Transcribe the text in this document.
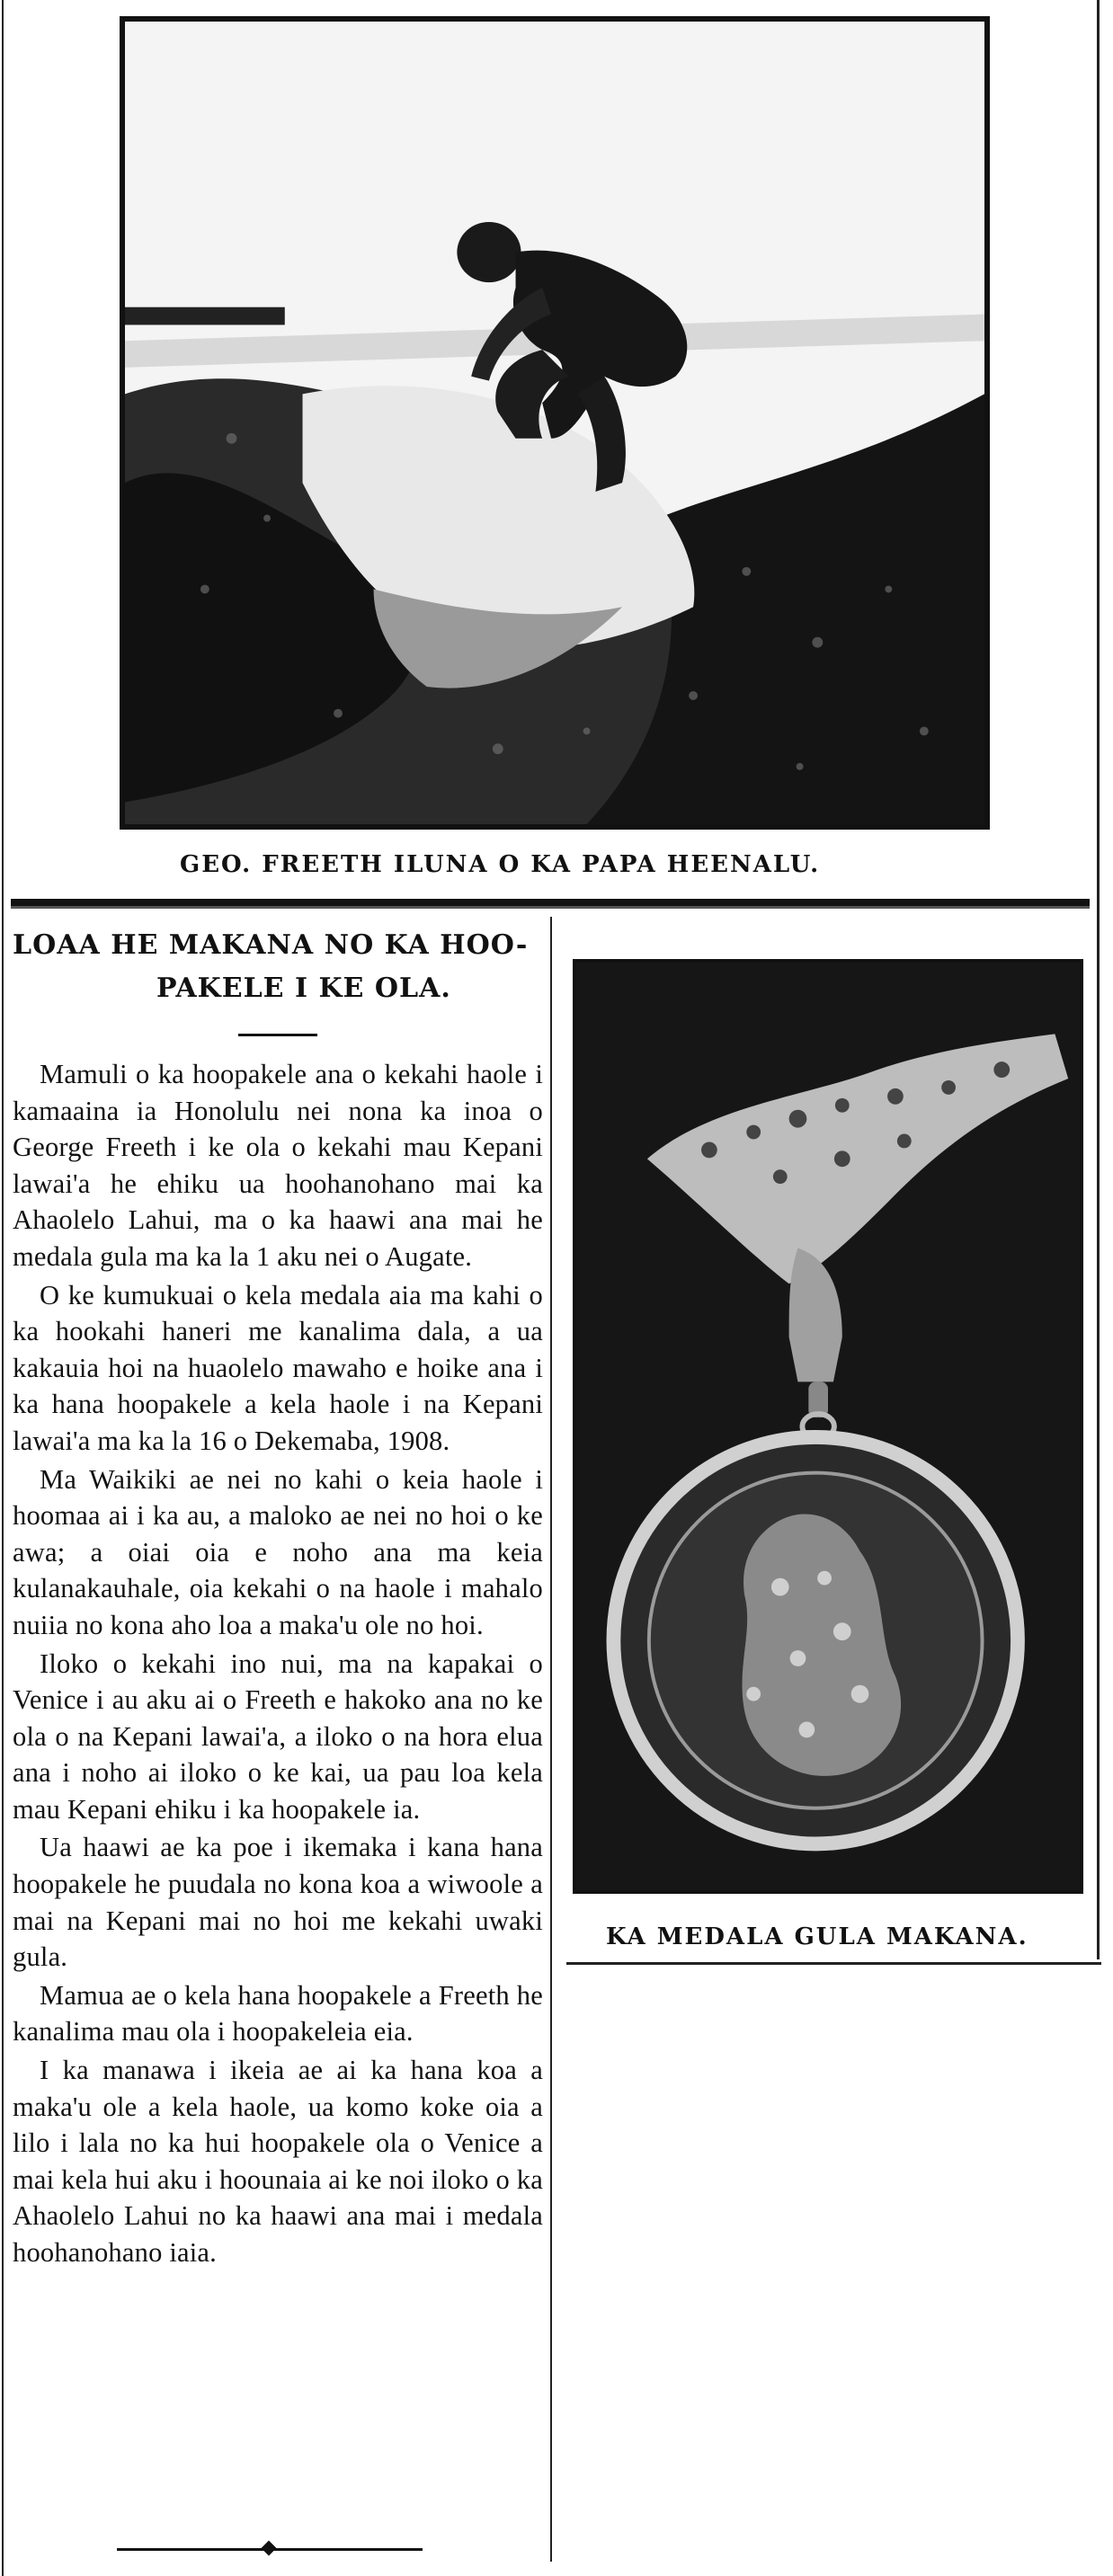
GEO. FREETH ILUNA O KA PAPA HEENALU.
LOAA HE MAKANA NO KA HOO-
PAKELE I KE OLA.

Mamuli o ka hoopakele ana o kekahi haole i kamaaina ia Honolulu nei nona ka inoa o George Freeth i ke ola o kekahi mau Kepani lawai'a he ehiku ua hoohanohano mai ka Ahaolelo Lahui, ma o ka haawi ana mai he medala gula ma ka la 1 aku nei o Augate.

O ke kumukuai o kela medala aia ma kahi o ka hookahi haneri me kanalima dala, a ua kakauia hoi na huaolelo mawaho e hoike ana i ka hana hoopakele a kela haole i na Kepani lawai'a ma ka la 16 o Dekemaba, 1908.

Ma Waikiki ae nei no kahi o keia haole i hoomaa ai i ka au, a maloko ae nei no hoi o ke awa; a oiai oia e noho ana ma keia kulanakauhale, oia kekahi o na haole i mahalo nuiia no kona aho loa a maka'u ole no hoi.

Iloko o kekahi ino nui, ma na kapakai o Venice i au aku ai o Freeth e hakoko ana no ke ola o na Kepani lawai'a, a iloko o na hora elua ana i noho ai iloko o ke kai, ua pau loa kela mau Kepani ehiku i ka hoopakele ia.

Ua haawi ae ka poe i ikemaka i kana hana hoopakele he puudala no kona koa a wiwoole a mai na Kepani mai no hoi me kekahi uwaki gula.

Mamua ae o kela hana hoopakele a Freeth he kanalima mau ola i hoopakeleia eia.

I ka manawa i ikeia ae ai ka hana koa a maka'u ole a kela haole, ua komo koke oia a lilo i lala no ka hui hoopakele ola o Venice a mai kela hui aku i hoounaia ai ke noi iloko o ka Ahaolelo Lahui no ka haawi ana mai i medala hoohanohano iaia.

KA MEDALA GULA MAKANA.
